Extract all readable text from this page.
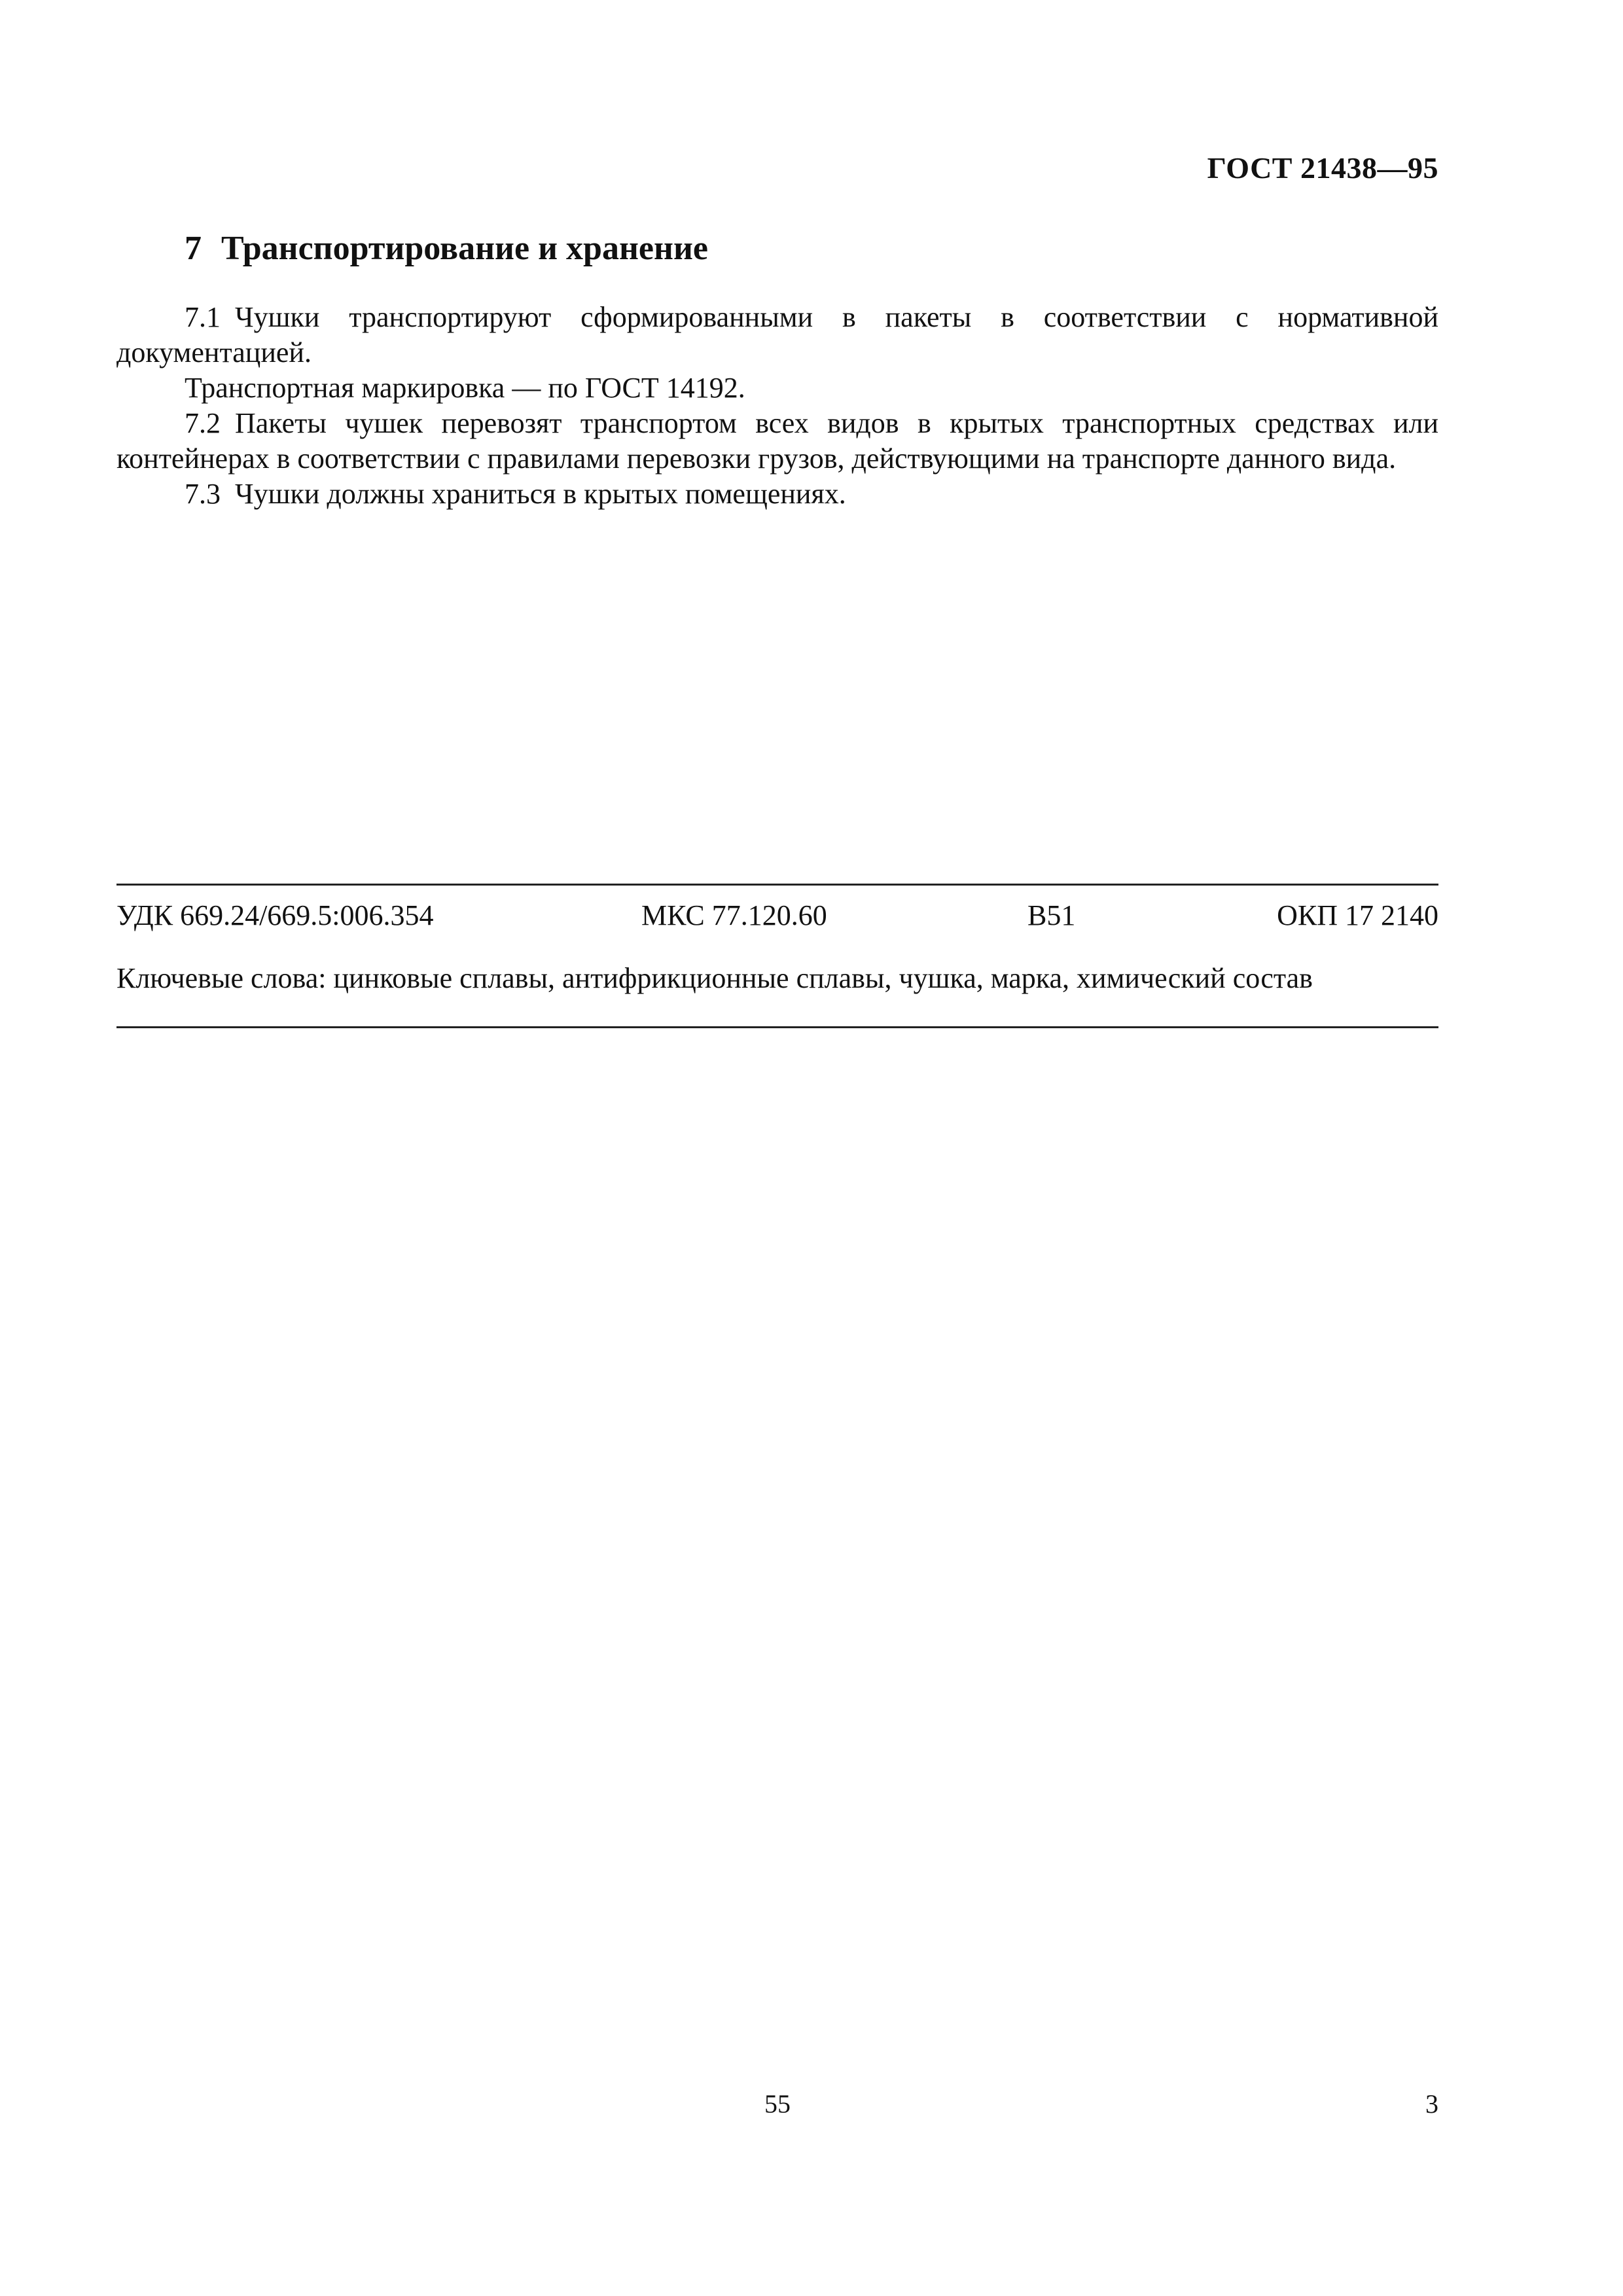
ГОСТ 21438—95
7 Транспортирование и хранение

7.1 Чушки транспортируют сформированными в пакеты в соответствии с нормативной документацией.

Транспортная маркировка — по ГОСТ 14192.

7.2 Пакеты чушек перевозят транспортом всех видов в крытых транспортных средствах или контейнерах в соответствии с правилами перевозки грузов, действующими на транспорте данного вида.

7.3 Чушки должны храниться в крытых помещениях.

УДК 669.24/669.5:006.354	МКС 77.120.60	В51	ОКП 17 2140
Ключевые слова: цинковые сплавы, антифрикционные сплавы, чушка, марка, химический состав
55	3
